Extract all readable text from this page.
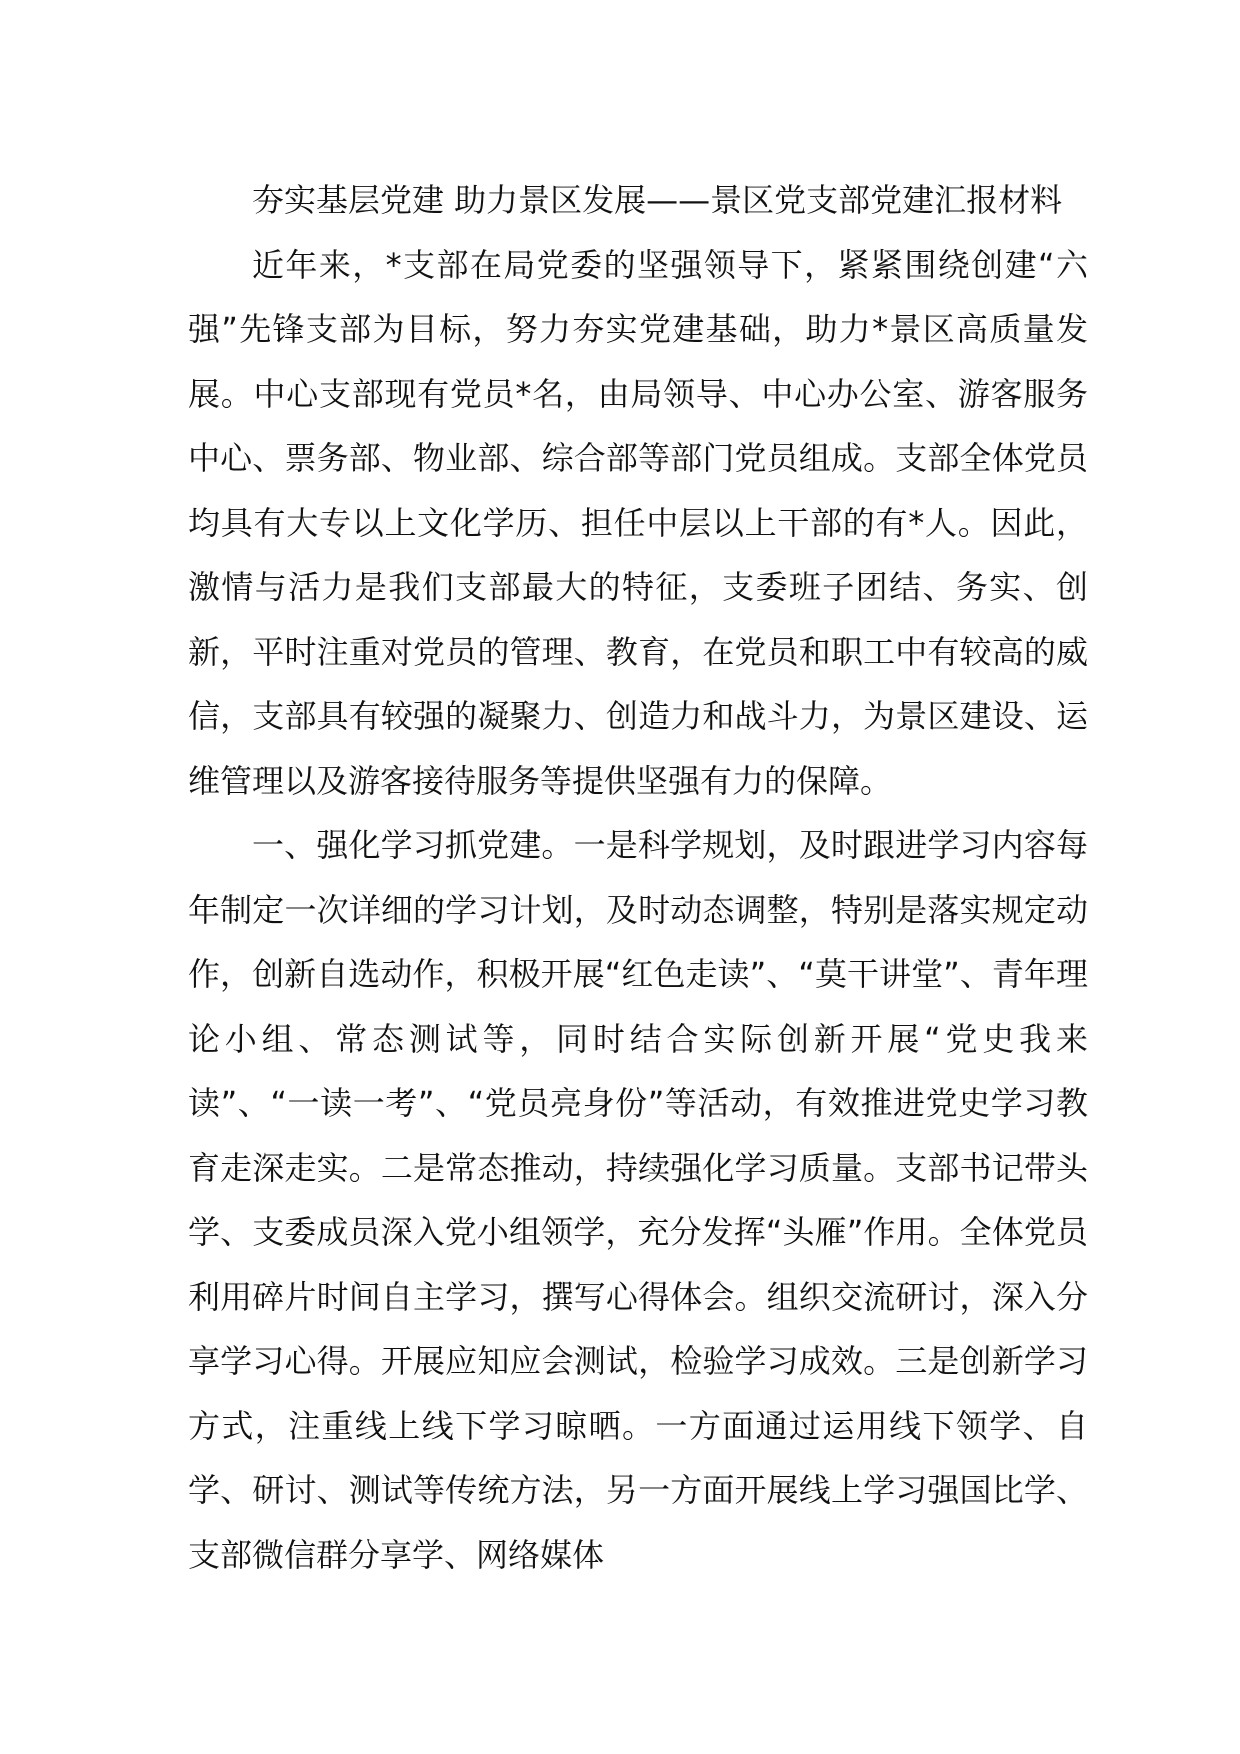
夯实基层党建 助力景区发展——景区党支部党建汇报材料

近年来，*支部在局党委的坚强领导下，紧紧围绕创建“六强”先锋支部为目标，努力夯实党建基础，助力*景区高质量发展。中心支部现有党员*名，由局领导、中心办公室、游客服务中心、票务部、物业部、综合部等部门党员组成。支部全体党员均具有大专以上文化学历、担任中层以上干部的有*人。因此，激情与活力是我们支部最大的特征，支委班子团结、务实、创新，平时注重对党员的管理、教育，在党员和职工中有较高的威信，支部具有较强的凝聚力、创造力和战斗力，为景区建设、运维管理以及游客接待服务等提供坚强有力的保障。

一、强化学习抓党建。一是科学规划，及时跟进学习内容每年制定一次详细的学习计划，及时动态调整，特别是落实规定动作，创新自选动作，积极开展“红色走读”、“莫干讲堂”、青年理论小组、常态测试等，同时结合实际创新开展“党史我来读”、“一读一考”、“党员亮身份”等活动，有效推进党史学习教育走深走实。二是常态推动，持续强化学习质量。支部书记带头学、支委成员深入党小组领学，充分发挥“头雁”作用。全体党员利用碎片时间自主学习，撰写心得体会。组织交流研讨，深入分享学习心得。开展应知应会测试，检验学习成效。三是创新学习方式，注重线上线下学习晾晒。一方面通过运用线下领学、自学、研讨、测试等传统方法，另一方面开展线上学习强国比学、支部微信群分享学、网络媒体
